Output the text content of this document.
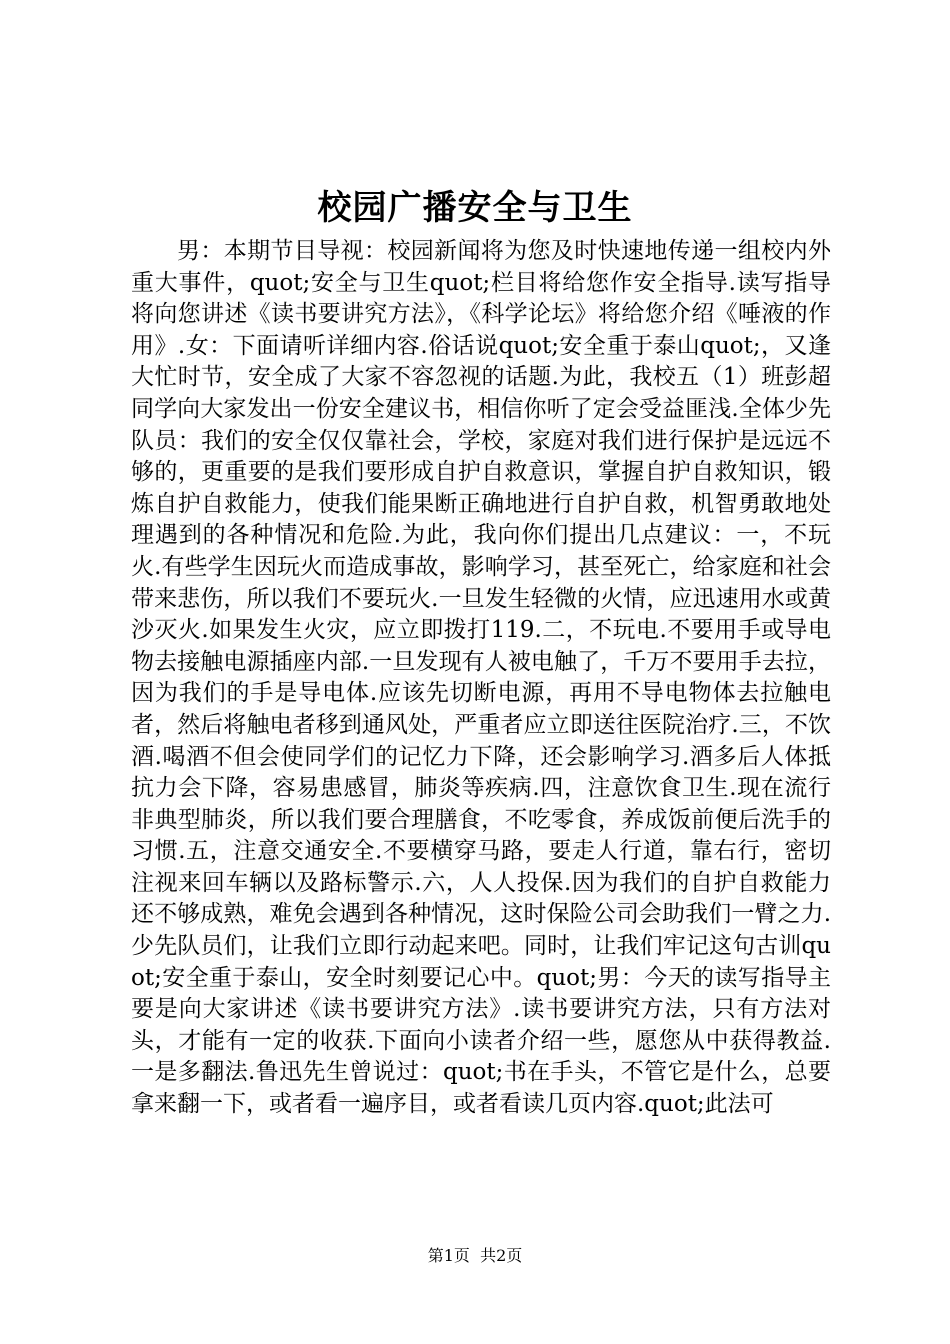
校园广播安全与卫生

男：本期节目导视：校园新闻将为您及时快速地传递一组校内外重大事件，quot;安全与卫生quot;栏目将给您作安全指导.读写指导将向您讲述《读书要讲究方法》，《科学论坛》将给您介绍《唾液的作用》.女：下面请听详细内容.俗话说quot;安全重于泰山quot;，又逢大忙时节，安全成了大家不容忽视的话题.为此，我校五（1）班彭超同学向大家发出一份安全建议书，相信你听了定会受益匪浅.全体少先队员：我们的安全仅仅靠社会，学校，家庭对我们进行保护是远远不够的，更重要的是我们要形成自护自救意识，掌握自护自救知识，锻炼自护自救能力，使我们能果断正确地进行自护自救，机智勇敢地处理遇到的各种情况和危险.为此，我向你们提出几点建议：一，不玩火.有些学生因玩火而造成事故，影响学习，甚至死亡，给家庭和社会带来悲伤，所以我们不要玩火.一旦发生轻微的火情，应迅速用水或黄沙灭火.如果发生火灾，应立即拨打119.二，不玩电.不要用手或导电物去接触电源插座内部.一旦发现有人被电触了，千万不要用手去拉，因为我们的手是导电体.应该先切断电源，再用不导电物体去拉触电者，然后将触电者移到通风处，严重者应立即送往医院治疗.三，不饮酒.喝酒不但会使同学们的记忆力下降，还会影响学习.酒多后人体抵抗力会下降，容易患感冒，肺炎等疾病.四，注意饮食卫生.现在流行非典型肺炎，所以我们要合理膳食，不吃零食，养成饭前便后洗手的习惯.五，注意交通安全.不要横穿马路，要走人行道，靠右行，密切注视来回车辆以及路标警示.六，人人投保.因为我们的自护自救能力还不够成熟，难免会遇到各种情况，这时保险公司会助我们一臂之力.少先队员们，让我们立即行动起来吧。同时，让我们牢记这句古训quot;安全重于泰山，安全时刻要记心中。quot;男：今天的读写指导主要是向大家讲述《读书要讲究方法》.读书要讲究方法，只有方法对头，才能有一定的收获.下面向小读者介绍一些，愿您从中获得教益.一是多翻法.鲁迅先生曾说过：quot;书在手头，不管它是什么，总要拿来翻一下，或者看一遍序目，或者看读几页内容.quot;此法可

第1页  共2页
